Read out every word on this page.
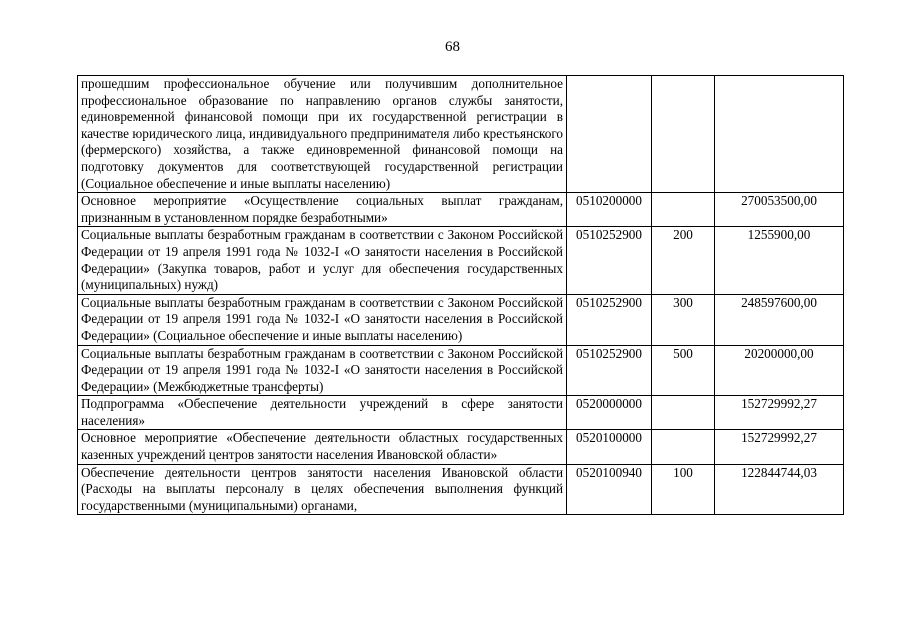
68
прошедшим профессиональное обучение или получившим дополнительное профессиональное образование по направлению органов службы занятости, единовременной финансовой помощи при их государственной регистрации в качестве юридического лица, индивидуального предпринимателя либо крестьянского (фермерского) хозяйства, а также единовременной финансовой помощи на подготовку документов для соответствующей государственной регистрации (Социальное обеспечение и иные выплаты населению)			
Основное мероприятие «Осуществление социальных выплат гражданам, признанным в установленном порядке безработными»	0510200000		270053500,00
Социальные выплаты безработным гражданам в соответствии с Законом Российской Федерации от 19 апреля 1991 года № 1032-I «О занятости населения в Российской Федерации» (Закупка товаров, работ и услуг для обеспечения государственных (муниципальных) нужд)	0510252900	200	1255900,00
Социальные выплаты безработным гражданам в соответствии с Законом Российской Федерации от 19 апреля 1991 года № 1032-I «О занятости населения в Российской Федерации» (Социальное обеспечение и иные выплаты населению)	0510252900	300	248597600,00
Социальные выплаты безработным гражданам в соответствии с Законом Российской Федерации от 19 апреля 1991 года № 1032-I «О занятости населения в Российской Федерации» (Межбюджетные трансферты)	0510252900	500	20200000,00
Подпрограмма «Обеспечение деятельности учреждений в сфере занятости населения»	0520000000		152729992,27
Основное мероприятие «Обеспечение деятельности областных государственных казенных учреждений центров занятости населения Ивановской области»	0520100000		152729992,27
Обеспечение деятельности центров занятости населения Ивановской области (Расходы на выплаты персоналу в целях обеспечения выполнения функций государственными (муниципальными) органами,	0520100940	100	122844744,03
